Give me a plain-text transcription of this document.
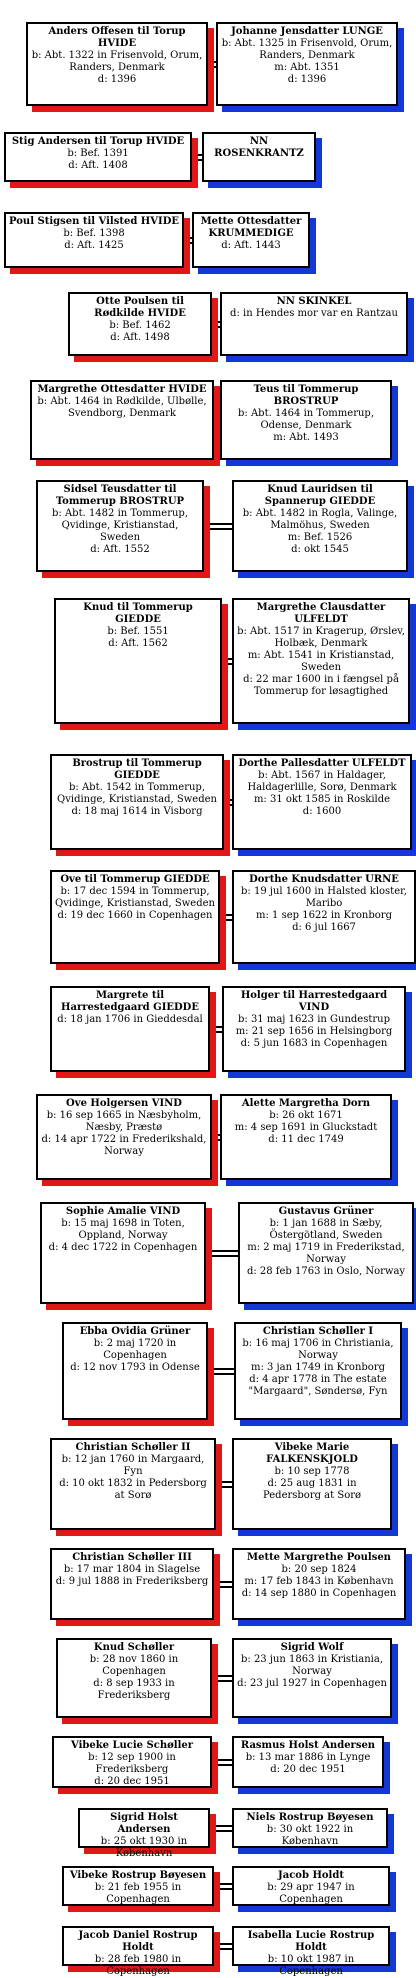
Anders Offesen til Torup HVIDE
b: Abt. 1322 in Frisenvold, Orum, Randers, Denmark
d: 1396
Johanne Jensdatter LUNGE
b: Abt. 1325 in Frisenvold, Orum, Randers, Denmark
m: Abt. 1351
d: 1396
Stig Andersen til Torup HVIDE
b: Bef. 1391
d: Aft. 1408
NN ROSENKRANTZ
Poul Stigsen til Vilsted HVIDE
b: Bef. 1398
d: Aft. 1425
Mette Ottesdatter KRUMMEDIGE
d: Aft. 1443
Otte Poulsen til Rødkilde HVIDE
b: Bef. 1462
d: Aft. 1498
NN SKINKEL
d: in Hendes mor var en Rantzau
Margrethe Ottesdatter HVIDE
b: Abt. 1464 in Rødkilde, Ulbølle, Svendborg, Denmark
Teus til Tommerup BROSTRUP
b: Abt. 1464 in Tommerup, Odense, Denmark
m: Abt. 1493
Sidsel Teusdatter til Tommerup BROSTRUP
b: Abt. 1482 in Tommerup, Qvidinge, Kristianstad, Sweden
d: Aft. 1552
Knud Lauridsen til Spannerup GIEDDE
b: Abt. 1482 in Rogla, Valinge, Malmöhus, Sweden
m: Bef. 1526
d: okt 1545
Knud til Tommerup GIEDDE
b: Bef. 1551
d: Aft. 1562
Margrethe Clausdatter ULFELDT
b: Abt. 1517 in Kragerup, Ørslev, Holbæk, Denmark
m: Abt. 1541 in Kristianstad, Sweden
d: 22 mar 1600 in i fængsel på Tommerup for løsagtighed
Brostrup til Tommerup GIEDDE
b: Abt. 1542 in Tommerup, Qvidinge, Kristianstad, Sweden
d: 18 maj 1614 in Visborg
Dorthe Pallesdatter ULFELDT
b: Abt. 1567 in Haldager, Haldagerlille, Sorø, Denmark
m: 31 okt 1585 in Roskilde
d: 1600
Ove til Tommerup GIEDDE
b: 17 dec 1594 in Tommerup, Qvidinge, Kristianstad, Sweden
d: 19 dec 1660 in Copenhagen
Dorthe Knudsdatter URNE
b: 19 jul 1600 in Halsted kloster, Maribo
m: 1 sep 1622 in Kronborg
d: 6 jul 1667
Margrete til Harrestedgaard GIEDDE
d: 18 jan 1706 in Gieddesdal
Holger til Harrestedgaard VIND
b: 31 maj 1623 in Gundestrup
m: 21 sep 1656 in Helsingborg
d: 5 jun 1683 in Copenhagen
Ove Holgersen VIND
b: 16 sep 1665 in Næsbyholm, Næsby, Præstø
d: 14 apr 1722 in Frederikshald, Norway
Alette Margretha Dorn
b: 26 okt 1671
m: 4 sep 1691 in Gluckstadt
d: 11 dec 1749
Sophie Amalie VIND
b: 15 maj 1698 in Toten, Oppland, Norway
d: 4 dec 1722 in Copenhagen
Gustavus Grüner
b: 1 jan 1688 in Sæby, Östergötland, Sweden
m: 2 maj 1719 in Frederikstad, Norway
d: 28 feb 1763 in Oslo, Norway
Ebba Ovidia Grüner
b: 2 maj 1720 in Copenhagen
d: 12 nov 1793 in Odense
Christian Schøller I
b: 16 maj 1706 in Christiania, Norway
m: 3 jan 1749 in Kronborg
d: 4 apr 1778 in The estate "Margaard", Søndersø, Fyn
Christian Schøller II
b: 12 jan 1760 in Margaard, Fyn
d: 10 okt 1832 in Pedersborg at Sorø
Vibeke Marie FALKENSKJOLD
b: 10 sep 1778
d: 25 aug 1831 in Pedersborg at Sorø
Christian Schøller III
b: 17 mar 1804 in Slagelse
d: 9 jul 1888 in Frederiksberg
Mette Margrethe Poulsen
b: 20 sep 1824
m: 17 feb 1843 in København
d: 14 sep 1880 in Copenhagen
Knud Schøller
b: 28 nov 1860 in Copenhagen
d: 8 sep 1933 in Frederiksberg
Sigrid Wolf
b: 23 jun 1863 in Kristiania, Norway
d: 23 jul 1927 in Copenhagen
Vibeke Lucie Schøller
b: 12 sep 1900 in Frederiksberg
d: 20 dec 1951
Rasmus Holst Andersen
b: 13 mar 1886 in Lynge
d: 20 dec 1951
Sigrid Holst Andersen
b: 25 okt 1930 in København
Niels Rostrup Bøyesen
b: 30 okt 1922 in København
Vibeke Rostrup Bøyesen
b: 21 feb 1955 in Copenhagen
Jacob Holdt
b: 29 apr 1947 in Copenhagen
Jacob Daniel Rostrup Holdt
b: 28 feb 1980 in Copenhagen
Isabella Lucie Rostrup Holdt
b: 10 okt 1987 in Copenhagen
